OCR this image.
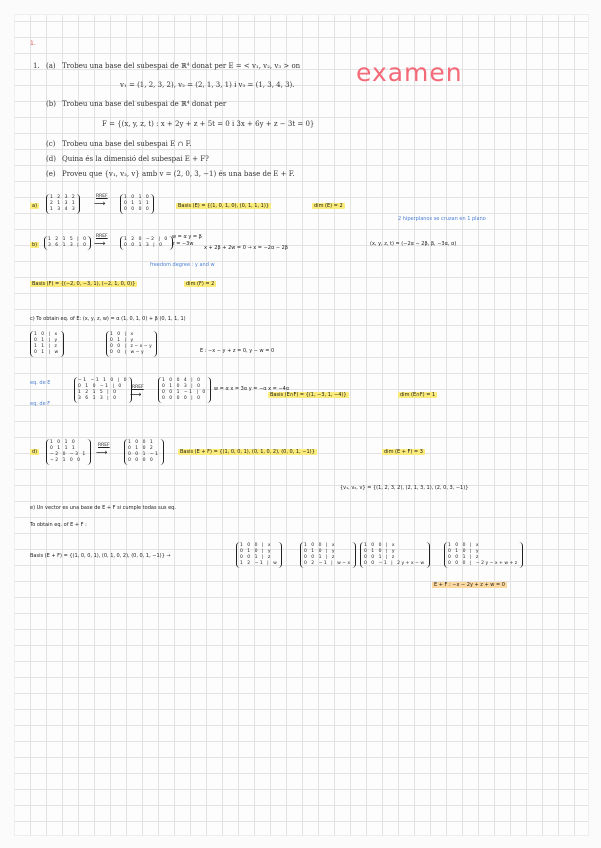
1.
examen
1. (a) Trobeu una base del subespai de ℝ⁴ donat per E = < v₁, v₂, v₃ > on
v₁ = (1, 2, 3, 2), v₂ = (2, 1, 3, 1) i v₃ = (1, 3, 4, 3).
(b) Trobeu una base del subespai de ℝ⁴ donat per
F = {(x, y, z, t) : x + 2y + z + 5t = 0 i 3x + 6y + z − 3t = 0}
(c) Trobeu una base del subespai E ∩ F.
(d) Quina és la dimensió del subespai E + F?
(e) Proveu que {v₁, v₂, v} amb v = (2, 0, 3, −1) és una base de E + F.
a)
1 2 3 2
2 1 3 1
1 3 4 3
RREF
⟶
1 0 1 0
0 1 1 1
0 0 0 0
Basis (E) = {(1, 0, 1, 0), (0, 1, 1, 1)}	dim (E) = 2
2 hiperplanos se cruzan en 1 plano
b)
1 2 1 5 | 0
3 6 1 3 | 0
RREF
⟶	1 2 0 −2 | 0
0 0 1 3 | 0
w = α y = β
z = −3w
x + 2β + 2w = 0 → x = −2α − 2β
(x, y, z, t) = (−2α − 2β, β, −3α, α)
freedom degree : y and w
Basis (F) = {(−2, 0, −3, 1), (−2, 1, 0, 0)}	dim (F) = 2
c) To obtain eq. of E: (x, y, z, w) = α (1, 0, 1, 0) + β (0, 1, 1, 1)
1 0 | x
0 1 | y
1 1 | z
0 1 | w
1 0 | x
0 1 | y
0 0 | z−x−y
0 0 | w−y	E : −x − y + z = 0, y − w = 0
eq. de E
eq. de F
−1 −1 1 0 | 0
0 1 0 −1 | 0
1 2 1 5 | 0
3 6 1 3 | 0
RREF
⟶
1 0 0 4 | 0
0 1 0 3 | 0
0 0 1 −1 | 0
0 0 0 0 | 0
w = α x = 3α y = −α x = −4α
Basis (E∩F) = {(1, −3, 1, −4)}	dim (E∩F) = 1
d)
1 0 1 0
0 1 1 1
−2 0 −3 1
−2 1 0 0
RREF
⟶
1 0 0 1
0 1 0 2
0 0 1 −1
0 0 0 0
Basis (E + F) = {(1, 0, 0, 1), (0, 1, 0, 2), (0, 0, 1, −1)}	dim (E + F) = 3
{v₁, v₂, v} = {(1, 2, 3, 2), (2, 1, 3, 1), (2, 0, 3, −1)}
e) Un vector es una base de E + F si cumple todas sus eq.
To obtain eq. of E + F :
Basis (E + F) = {(1, 0, 0, 1), (0, 1, 0, 2), (0, 0, 1, −1)} →
1 0 0 | x
0 1 0 | y
0 0 1 | z
1 2 −1 | w
1 0 0 | x
0 1 0 | y
0 0 1 | z
0 2 −1 | w−x
1 0 0 | x
0 1 0 | y
0 0 1 | z
0 0 −1 | 2y+x−w
1 0 0 | x
0 1 0 | y
0 0 1 | z
0 0 0 | −2y−x+w+z
E + F : −x − 2y + z + w = 0
